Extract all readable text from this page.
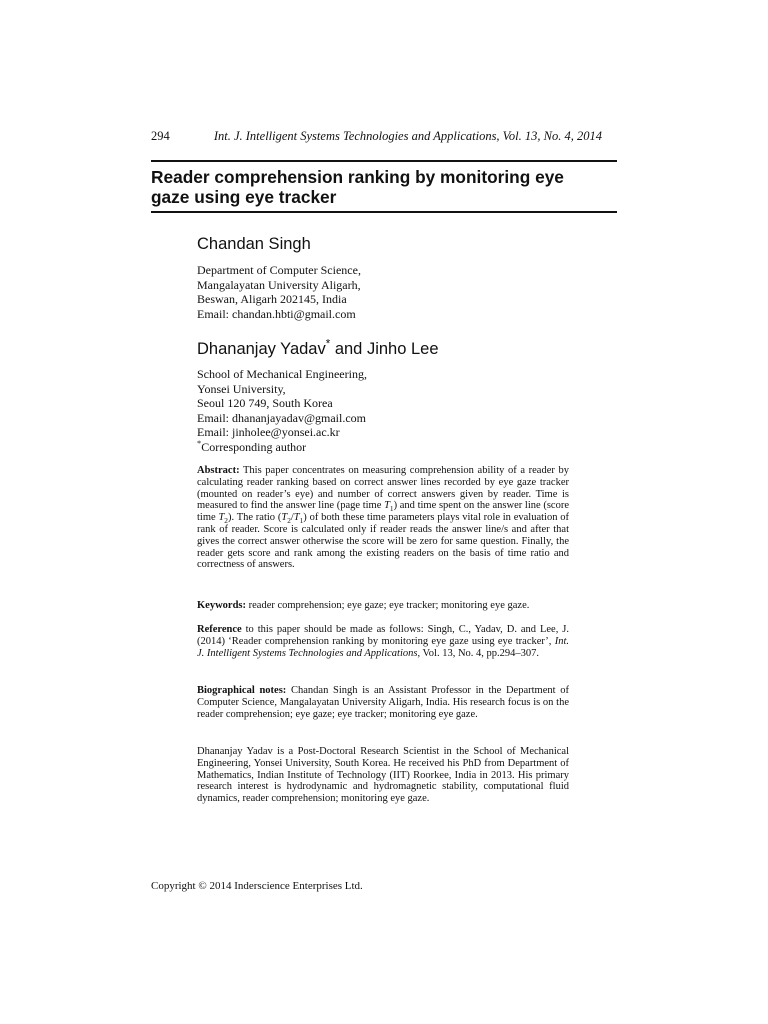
294	Int. J. Intelligent Systems Technologies and Applications, Vol. 13, No. 4, 2014
Reader comprehension ranking by monitoring eye
gaze using eye tracker
Chandan Singh
Department of Computer Science,
Mangalayatan University Aligarh,
Beswan, Aligarh 202145, India
Email: chandan.hbti@gmail.com
Dhananjay Yadav* and Jinho Lee
School of Mechanical Engineering,
Yonsei University,
Seoul 120 749, South Korea
Email: dhananjayadav@gmail.com
Email: jinholee@yonsei.ac.kr
*Corresponding author
Abstract: This paper concentrates on measuring comprehension ability of a reader by calculating reader ranking based on correct answer lines recorded by eye gaze tracker (mounted on reader’s eye) and number of correct answers given by reader. Time is measured to find the answer line (page time $T_1$) and time spent on the answer line (score time $T_2$). The ratio $(T_2/T_1)$ of both these time parameters plays vital role in evaluation of rank of reader. Score is calculated only if reader reads the answer line/s and after that gives the correct answer otherwise the score will be zero for same question. Finally, the reader gets score and rank among the existing readers on the basis of time ratio and correctness of answers.
Keywords: reader comprehension; eye gaze; eye tracker; monitoring eye gaze.
Reference to this paper should be made as follows: Singh, C., Yadav, D. and Lee, J. (2014) ‘Reader comprehension ranking by monitoring eye gaze using eye tracker’, Int. J. Intelligent Systems Technologies and Applications, Vol. 13, No. 4, pp.294–307.
Biographical notes: Chandan Singh is an Assistant Professor in the Department of Computer Science, Mangalayatan University Aligarh, India. His research focus is on the reader comprehension; eye gaze; eye tracker; monitoring eye gaze.
Dhananjay Yadav is a Post-Doctoral Research Scientist in the School of Mechanical Engineering, Yonsei University, South Korea. He received his PhD from Department of Mathematics, Indian Institute of Technology (IIT) Roorkee, India in 2013. His primary research interest is hydrodynamic and hydromagnetic stability, computational fluid dynamics, reader comprehension; monitoring eye gaze.
Copyright © 2014 Inderscience Enterprises Ltd.
